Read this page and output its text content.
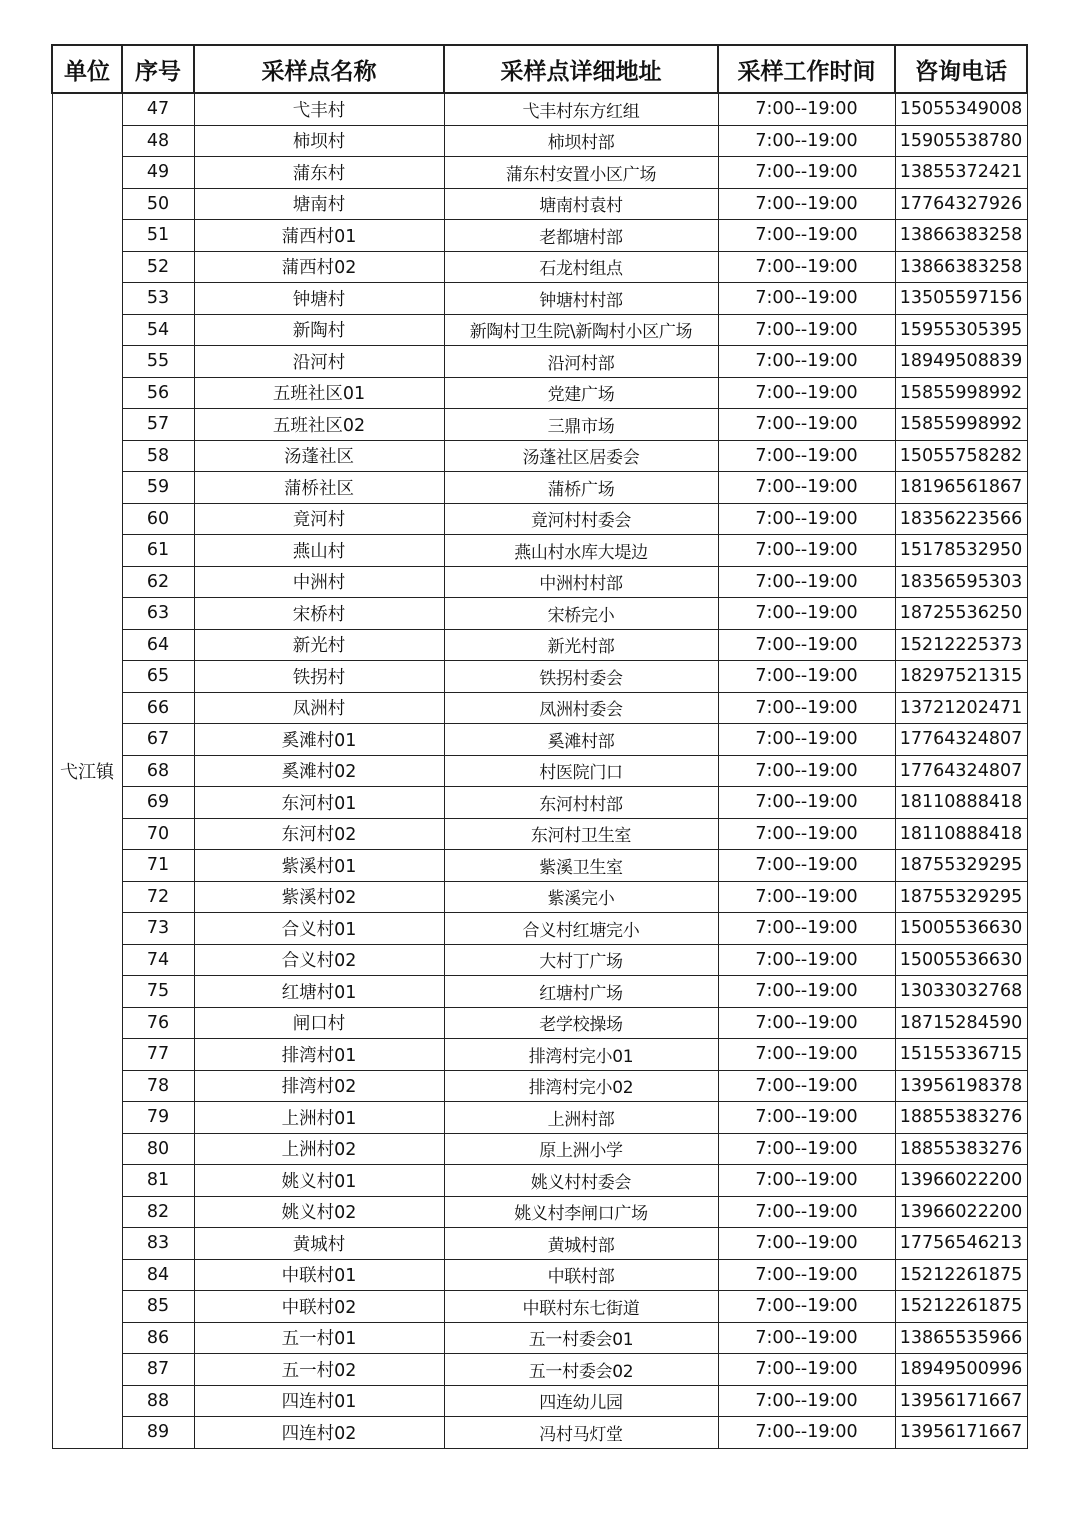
单位	序号	采样点名称	采样点详细地址	采样工作时间	咨询电话
弋江镇	47	弋丰村	弋丰村东方红组	7:00--19:00	15055349008
	48	柿坝村	柿坝村部	7:00--19:00	15905538780
	49	蒲东村	蒲东村安置小区广场	7:00--19:00	13855372421
	50	塘南村	塘南村袁村	7:00--19:00	17764327926
	51	蒲西村01	老都塘村部	7:00--19:00	13866383258
	52	蒲西村02	石龙村组点	7:00--19:00	13866383258
	53	钟塘村	钟塘村村部	7:00--19:00	13505597156
	54	新陶村	新陶村卫生院\新陶村小区广场	7:00--19:00	15955305395
	55	沿河村	沿河村部	7:00--19:00	18949508839
	56	五班社区01	党建广场	7:00--19:00	15855998992
	57	五班社区02	三鼎市场	7:00--19:00	15855998992
	58	汤蓬社区	汤蓬社区居委会	7:00--19:00	15055758282
	59	蒲桥社区	蒲桥广场	7:00--19:00	18196561867
	60	竟河村	竟河村村委会	7:00--19:00	18356223566
	61	燕山村	燕山村水库大堤边	7:00--19:00	15178532950
	62	中洲村	中洲村村部	7:00--19:00	18356595303
	63	宋桥村	宋桥完小	7:00--19:00	18725536250
	64	新光村	新光村部	7:00--19:00	15212225373
	65	铁拐村	铁拐村委会	7:00--19:00	18297521315
	66	凤洲村	凤洲村委会	7:00--19:00	13721202471
	67	奚滩村01	奚滩村部	7:00--19:00	17764324807
	68	奚滩村02	村医院门口	7:00--19:00	17764324807
	69	东河村01	东河村村部	7:00--19:00	18110888418
	70	东河村02	东河村卫生室	7:00--19:00	18110888418
	71	紫溪村01	紫溪卫生室	7:00--19:00	18755329295
	72	紫溪村02	紫溪完小	7:00--19:00	18755329295
	73	合义村01	合义村红塘完小	7:00--19:00	15005536630
	74	合义村02	大村丁广场	7:00--19:00	15005536630
	75	红塘村01	红塘村广场	7:00--19:00	13033032768
	76	闸口村	老学校操场	7:00--19:00	18715284590
	77	排湾村01	排湾村完小01	7:00--19:00	15155336715
	78	排湾村02	排湾村完小02	7:00--19:00	13956198378
	79	上洲村01	上洲村部	7:00--19:00	18855383276
	80	上洲村02	原上洲小学	7:00--19:00	18855383276
	81	姚义村01	姚义村村委会	7:00--19:00	13966022200
	82	姚义村02	姚义村李闸口广场	7:00--19:00	13966022200
	83	黄城村	黄城村部	7:00--19:00	17756546213
	84	中联村01	中联村部	7:00--19:00	15212261875
	85	中联村02	中联村东七街道	7:00--19:00	15212261875
	86	五一村01	五一村委会01	7:00--19:00	13865535966
	87	五一村02	五一村委会02	7:00--19:00	18949500996
	88	四连村01	四连幼儿园	7:00--19:00	13956171667
	89	四连村02	冯村马灯堂	7:00--19:00	13956171667
